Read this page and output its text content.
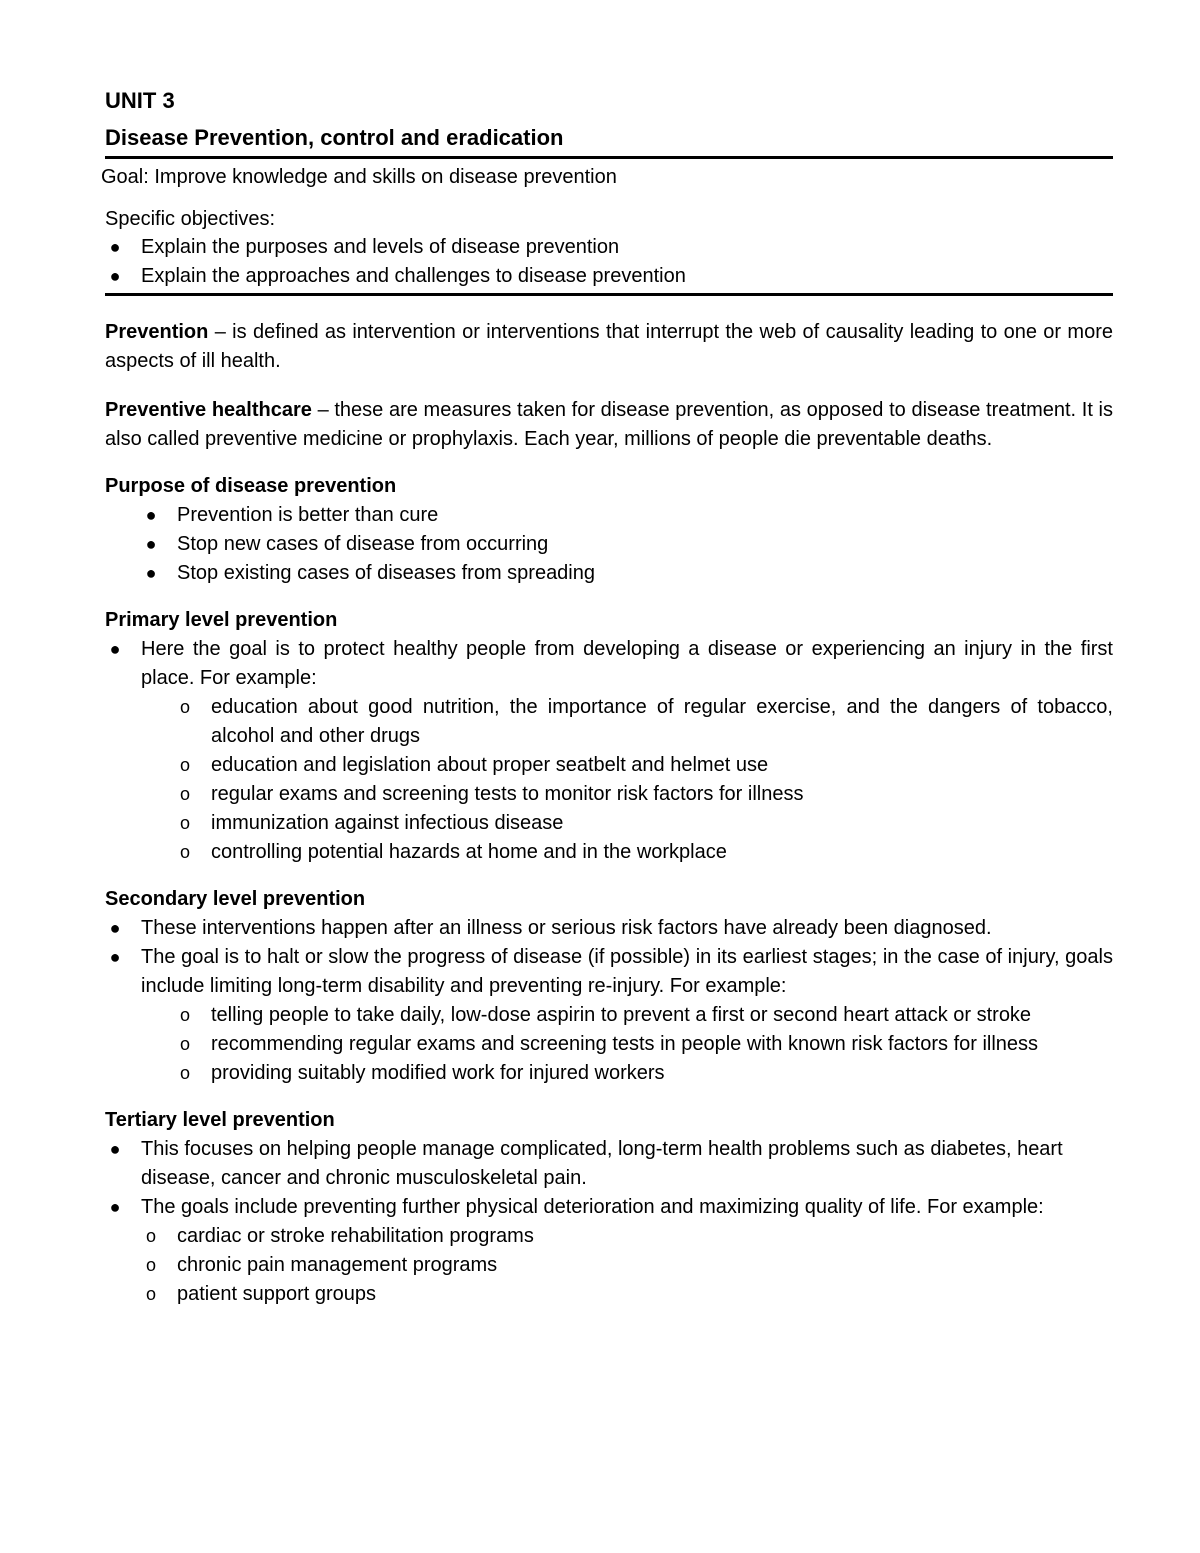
UNIT 3
Disease Prevention, control and eradication
Goal: Improve knowledge and skills on disease prevention
Specific objectives:
● Explain the purposes and levels of disease prevention
● Explain the approaches and challenges to disease prevention

Prevention – is defined as intervention or interventions that interrupt the web of causality leading to one or more aspects of ill health.

Preventive healthcare – these are measures taken for disease prevention, as opposed to disease treatment. It is also called preventive medicine or prophylaxis. Each year, millions of people die preventable deaths.

Purpose of disease prevention
● Prevention is better than cure
● Stop new cases of disease from occurring
● Stop existing cases of diseases from spreading
Primary level prevention
● Here the goal is to protect healthy people from developing a disease or experiencing an injury in the first place. For example:
o education about good nutrition, the importance of regular exercise, and the dangers of tobacco, alcohol and other drugs
o education and legislation about proper seatbelt and helmet use
o regular exams and screening tests to monitor risk factors for illness
o immunization against infectious disease
o controlling potential hazards at home and in the workplace
Secondary level prevention
● These interventions happen after an illness or serious risk factors have already been diagnosed.
● The goal is to halt or slow the progress of disease (if possible) in its earliest stages; in the case of injury, goals include limiting long-term disability and preventing re-injury. For example:
o telling people to take daily, low-dose aspirin to prevent a first or second heart attack or stroke
o recommending regular exams and screening tests in people with known risk factors for illness
o providing suitably modified work for injured workers
Tertiary level prevention
● This focuses on helping people manage complicated, long-term health problems such as diabetes, heart disease, cancer and chronic musculoskeletal pain.
● The goals include preventing further physical deterioration and maximizing quality of life. For example:
o cardiac or stroke rehabilitation programs
o chronic pain management programs
o patient support groups
